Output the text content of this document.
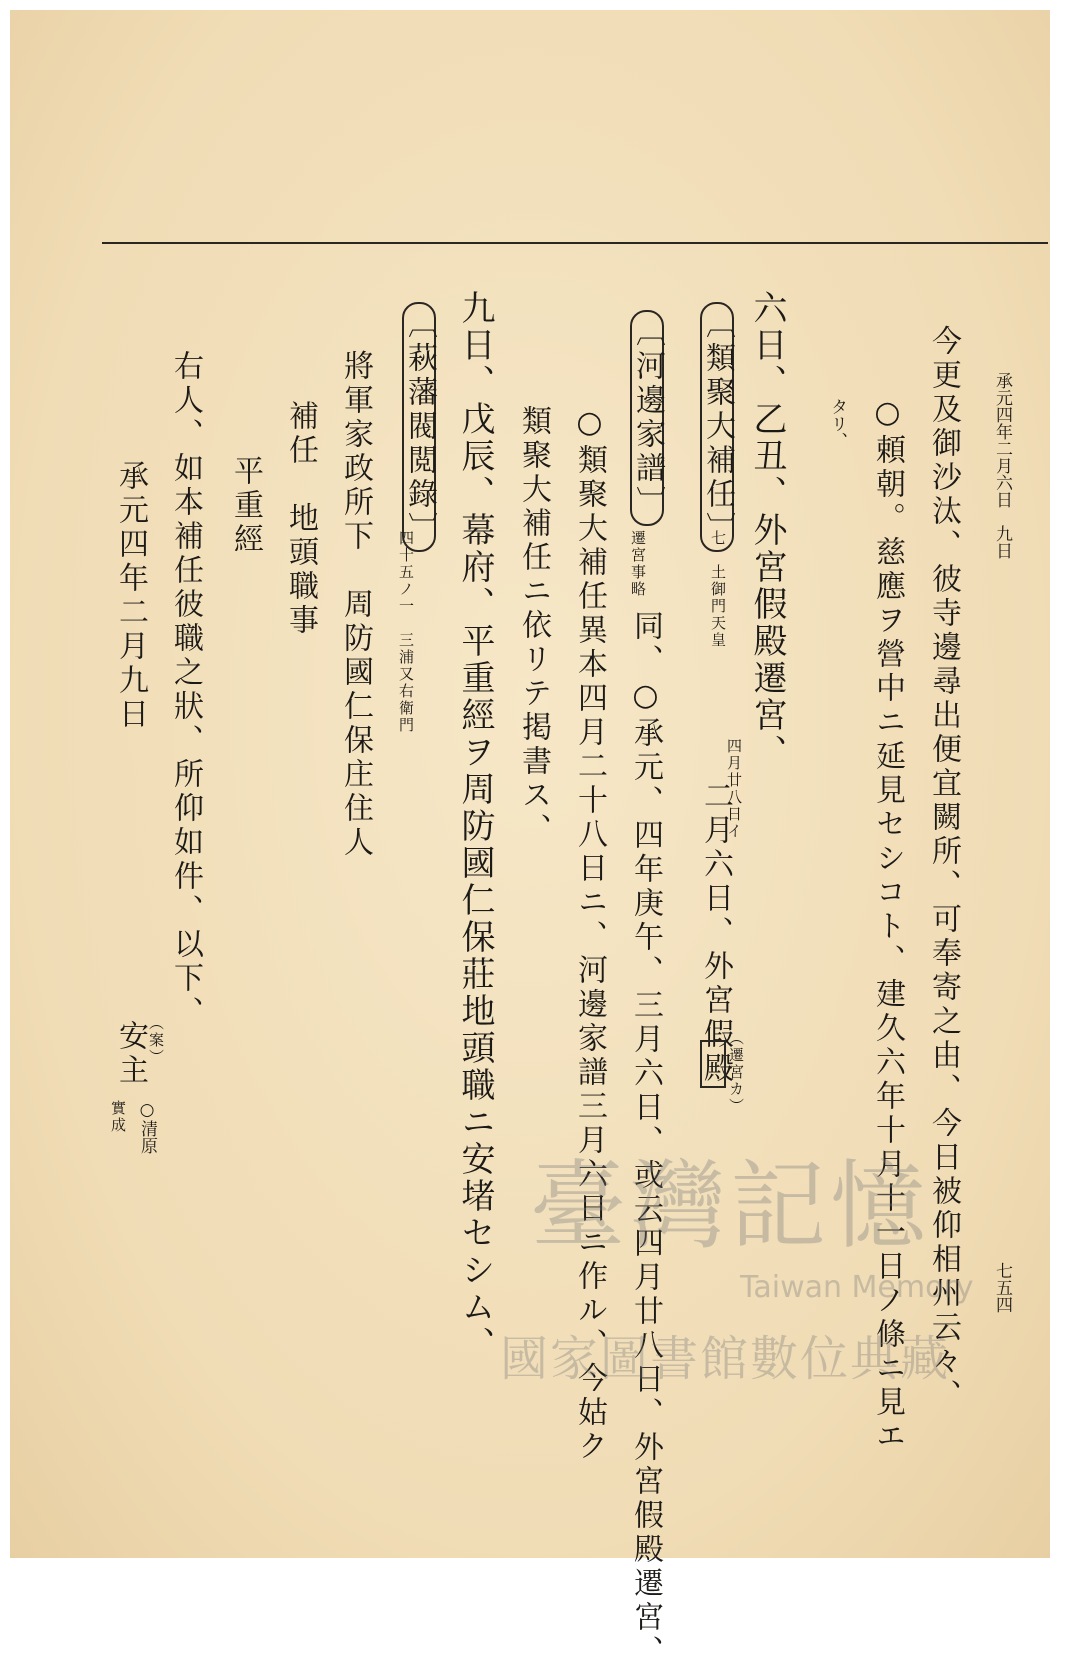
承元四年二月六日　九日
七五四
今更及御沙汰、彼寺邊尋出便宜闕所、可奉寄之由、今日被仰相州云々、
○頼朝。慈應ヲ營中ニ延見セシコト、建久六年十月十一日ノ條ニ見エ
タリ、
六日、乙丑、外宮假殿遷宮、
〔類聚大補任〕
七　土御門天皇
二月六日、外宮假殿
四月廿八日イ
（遷宮カ）
〔河邊家譜〕
遷宮事略
同、○承元、四年庚午、三月六日、或云四月廿八日、外宮假殿遷宮、
○類聚大補任異本四月二十八日ニ、河邊家譜三月六日ニ作ル、今姑ク
類聚大補任ニ依リテ掲書ス、
九日、戊辰、幕府、平重經ヲ周防國仁保莊地頭職ニ安堵セシム、
〔萩藩閥閲錄〕
四十五ノ一　三浦又右衛門
將軍家政所下　周防國仁保庄住人
補任　地頭職事
平重經
右人、如本補任彼職之狀、所仰如件、以下、
承元四年二月九日
（案）
安主
實成 ○清原
臺灣記憶
Taiwan Memory
國家圖書館數位典藏
